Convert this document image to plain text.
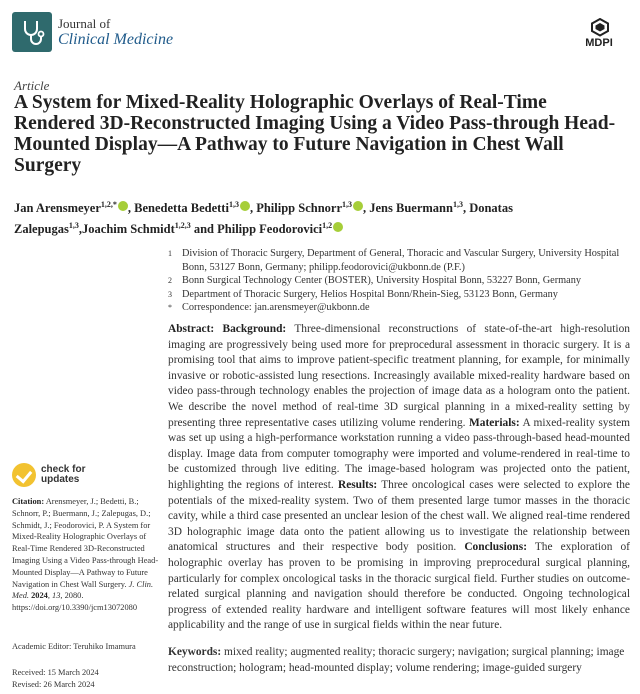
Journal of
Clinical Medicine	MDPI
Article
A System for Mixed-Reality Holographic Overlays of Real-Time Rendered 3D-Reconstructed Imaging Using a Video Pass-through Head-Mounted Display—A Pathway to Future Navigation in Chest Wall Surgery
Jan Arensmeyer$^{1,2,*}$ , Benedetta Bedetti$^{1,3}$ , Philipp Schnorr$^{1,3}$ , Jens Buermann$^{1,3}$, Donatas Zalepugas$^{1,3}$,Joachim Schmidt$^{1,2,3}$ and Philipp Feodorovici$^{1,2}$
1 Division of Thoracic Surgery, Department of General, Thoracic and Vascular Surgery, University Hospital Bonn, 53127 Bonn, Germany; philipp.feodorovici@ukbonn.de (P.F.)
2 Bonn Surgical Technology Center (BOSTER), University Hospital Bonn, 53227 Bonn, Germany
3 Department of Thoracic Surgery, Helios Hospital Bonn/Rhein-Sieg, 53123 Bonn, Germany
* Correspondence: jan.arensmeyer@ukbonn.de
Abstract: Background: Three-dimensional reconstructions of state-of-the-art high-resolution imaging are progressively being used more for preprocedural assessment in thoracic surgery. It is a promising tool that aims to improve patient-specific treatment planning, for example, for minimally invasive or robotic-assisted lung resections. Increasingly available mixed-reality hardware based on video pass-through technology enables the projection of image data as a hologram onto the patient. We describe the novel method of real-time 3D surgical planning in a mixed-reality setting by presenting three representative cases utilizing volume rendering. Materials: A mixed-reality system was set up using a high-performance workstation running a video pass-through-based head-mounted display. Image data from computer tomography were imported and volume-rendered in real-time to be customized through live editing. The image-based hologram was projected onto the patient, highlighting the regions of interest. Results: Three oncological cases were selected to explore the potentials of the mixed-reality system. Two of them presented large tumor masses in the thoracic cavity, while a third case presented an unclear lesion of the chest wall. We aligned real-time rendered 3D holographic image data onto the patient allowing us to investigate the relationship between anatomical structures and their respective body position. Conclusions: The exploration of holographic overlay has proven to be promising in improving preprocedural surgical planning, particularly for complex oncological tasks in the thoracic surgical field. Further studies on outcome-related surgical planning and navigation should therefore be conducted. Ongoing technological progress of extended reality hardware and intelligent software features will most likely enhance applicability and the range of use in surgical fields within the near future.
Keywords: mixed reality; augmented reality; thoracic surgery; navigation; surgical planning; image reconstruction; hologram; head-mounted display; volume rendering; image-guided surgery
check for
updates
Citation: Arensmeyer, J.; Bedetti, B.; Schnorr, P.; Buermann, J.; Zalepugas, D.; Schmidt, J.; Feodorovici, P. A System for Mixed-Reality Holographic Overlays of Real-Time Rendered 3D-Reconstructed Imaging Using a Video Pass-through Head-Mounted Display—A Pathway to Future Navigation in Chest Wall Surgery. J. Clin. Med. 2024, 13, 2080. https://doi.org/10.3390/jcm13072080
Academic Editor: Teruhiko Imamura
Received: 15 March 2024
Revised: 26 March 2024
